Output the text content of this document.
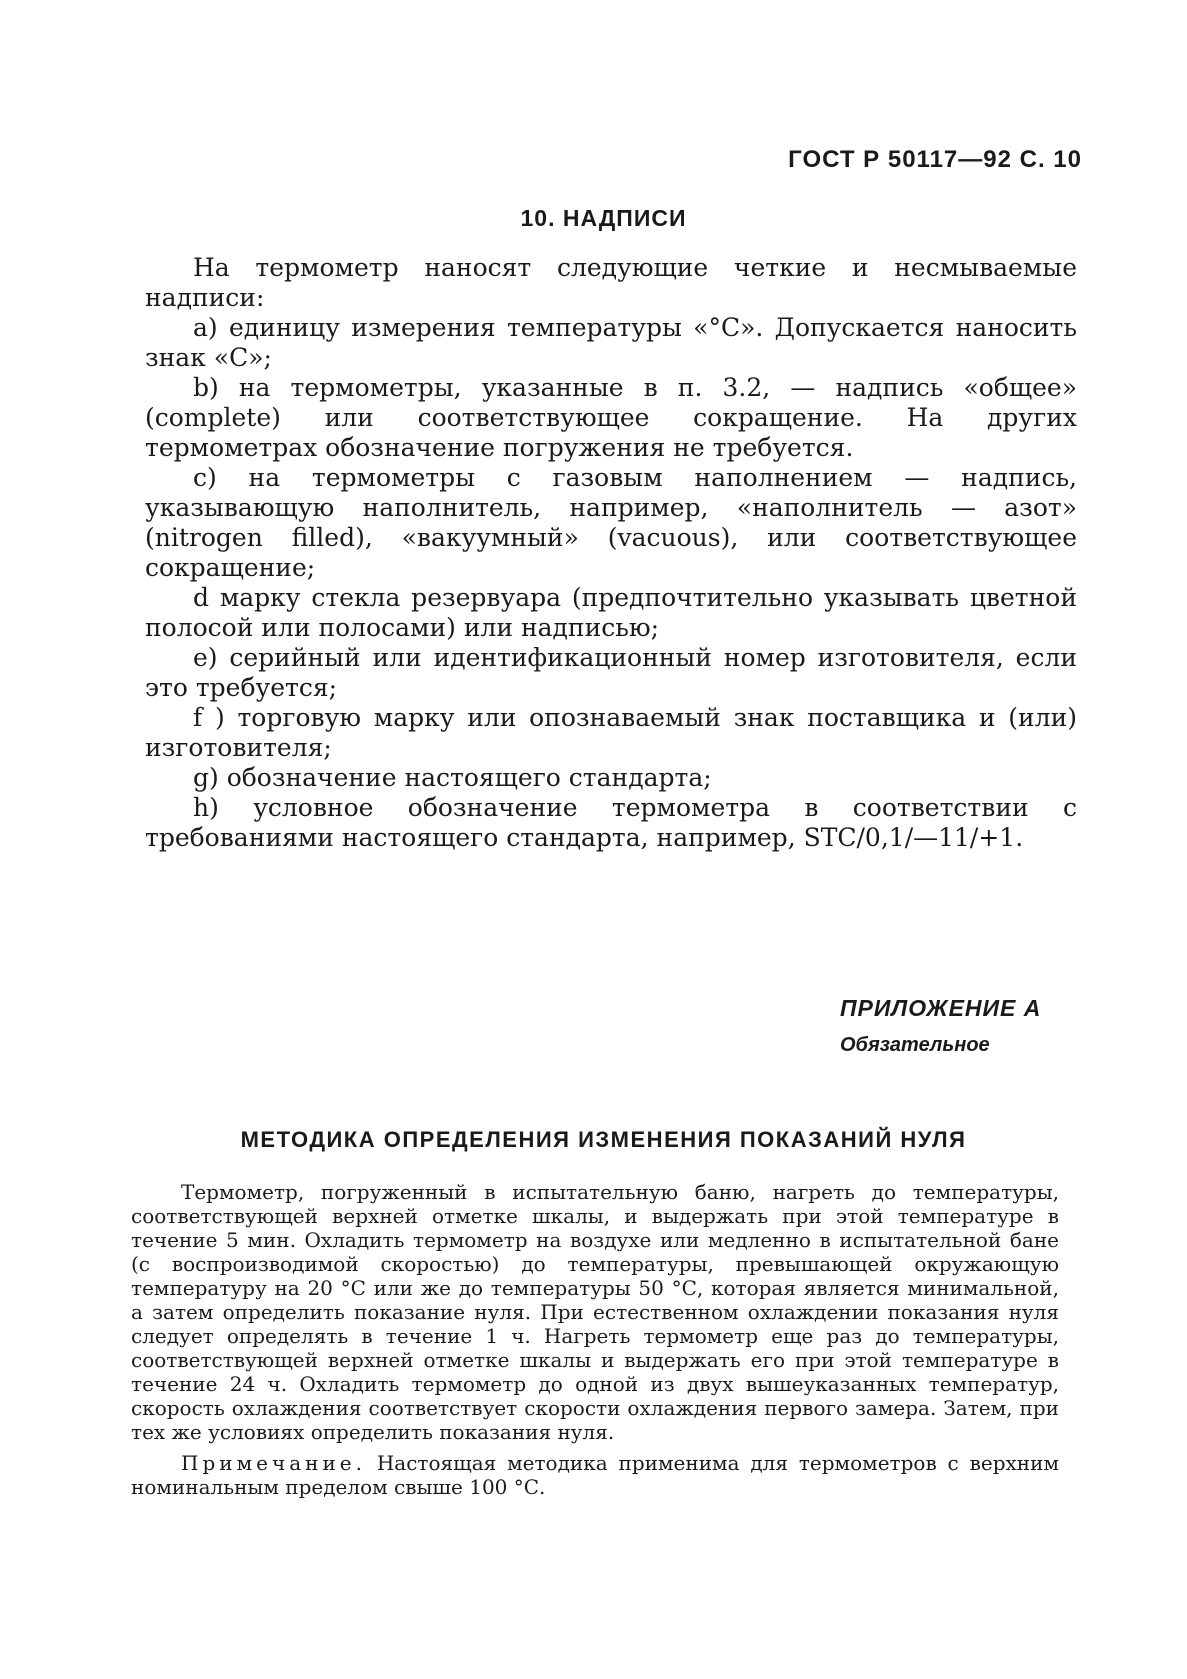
ГОСТ Р 50117—92 С. 10
10. НАДПИСИ

На термометр наносят следующие четкие и несмываемые надписи:

a) единицу измерения температуры «°С». Допускается наносить знак «С»;

b) на термометры, указанные в п. 3.2, — надпись «общее» (complete) или соответствующее сокращение. На других термометрах обозначение погружения не требуется.

c) на термометры с газовым наполнением — надпись, указывающую наполнитель, например, «наполнитель — азот» (nitrogen filled), «вакуумный» (vacuous), или соответствующее сокращение;

d марку стекла резервуара (предпочтительно указывать цветной полосой или полосами) или надписью;

e) серийный или идентификационный номер изготовителя, если это требуется;

f ) торговую марку или опознаваемый знак поставщика и (или) изготовителя;

g) обозначение настоящего стандарта;

h) условное обозначение термометра в соответствии с требованиями настоящего стандарта, например, STC/0,1/—11/+1.

ПРИЛОЖЕНИЕ А
Обязательное
МЕТОДИКА ОПРЕДЕЛЕНИЯ ИЗМЕНЕНИЯ ПОКАЗАНИЙ НУЛЯ

Термометр, погруженный в испытательную баню, нагреть до температуры, соответствующей верхней отметке шкалы, и выдержать при этой температуре в течение 5 мин. Охладить термометр на воздухе или медленно в испытательной бане (с воспроизводимой скоростью) до температуры, превышающей окружающую температуру на 20 °С или же до температуры 50 °С, которая является минимальной, а затем определить показание нуля. При естественном охлаждении показания нуля следует определять в течение 1 ч. Нагреть термометр еще раз до температуры, соответствующей верхней отметке шкалы и выдержать его при этой температуре в течение 24 ч. Охладить термометр до одной из двух вышеуказанных температур, скорость охлаждения соответствует скорости охлаждения первого замера. Затем, при тех же условиях определить показания нуля.

Примечание. Настоящая методика применима для термометров с верхним номинальным пределом свыше 100 °С.
